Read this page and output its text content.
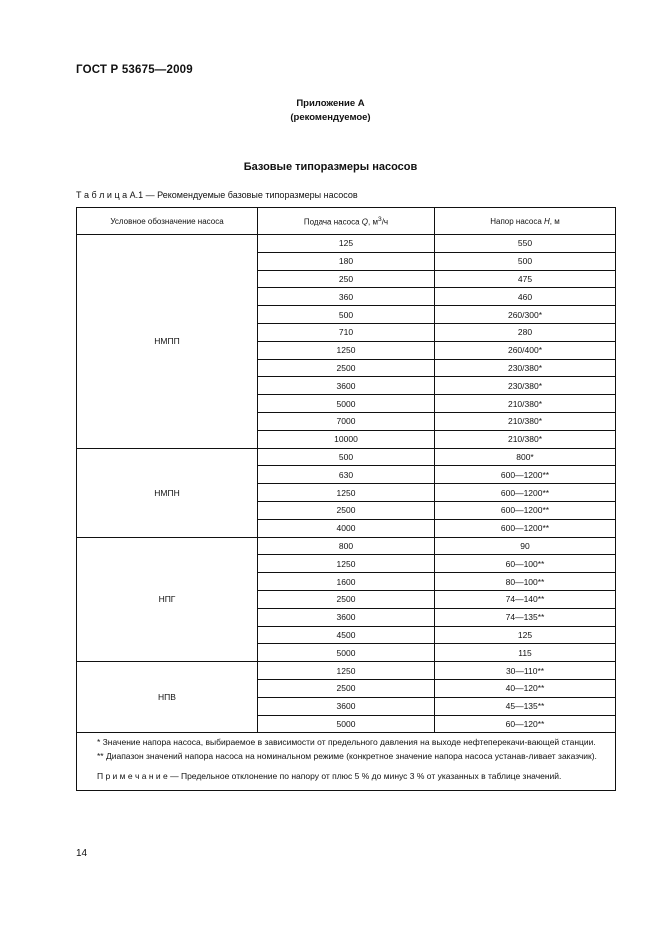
ГОСТ Р 53675—2009
Приложение А
(рекомендуемое)
Базовые типоразмеры насосов
Т а б л и ц а А.1 — Рекомендуемые базовые типоразмеры насосов
Условное обозначение насоса	Подача насоса Q, $м^3/ч$	Напор насоса H, м
НМПП	125	550
	180	500
	250	475
	360	460
	500	260/300*
	710	280
	1250	260/400*
	2500	230/380*
	3600	230/380*
	5000	210/380*
	7000	210/380*
	10000	210/380*
НМПН	500	800*
	630	600—1200**
	1250	600—1200**
	2500	600—1200**
	4000	600—1200**
НПГ	800	90
	1250	60—100**
	1600	80—100**
	2500	74—140**
	3600	74—135**
	4500	125
	5000	115
НПВ	1250	30—110**
	2500	40—120**
	3600	45—135**
	5000	60—120**

* Значение напора насоса, выбираемое в зависимости от предельного давления на выходе нефтеперекачи-вающей станции.
** Диапазон значений напора насоса на номинальном режиме (конкретное значение напора насоса устанав-ливает заказчик).
П р и м е ч а н и е — Предельное отклонение по напору от плюс 5 % до минус 3 % от указанных в таблице значений.		
14
